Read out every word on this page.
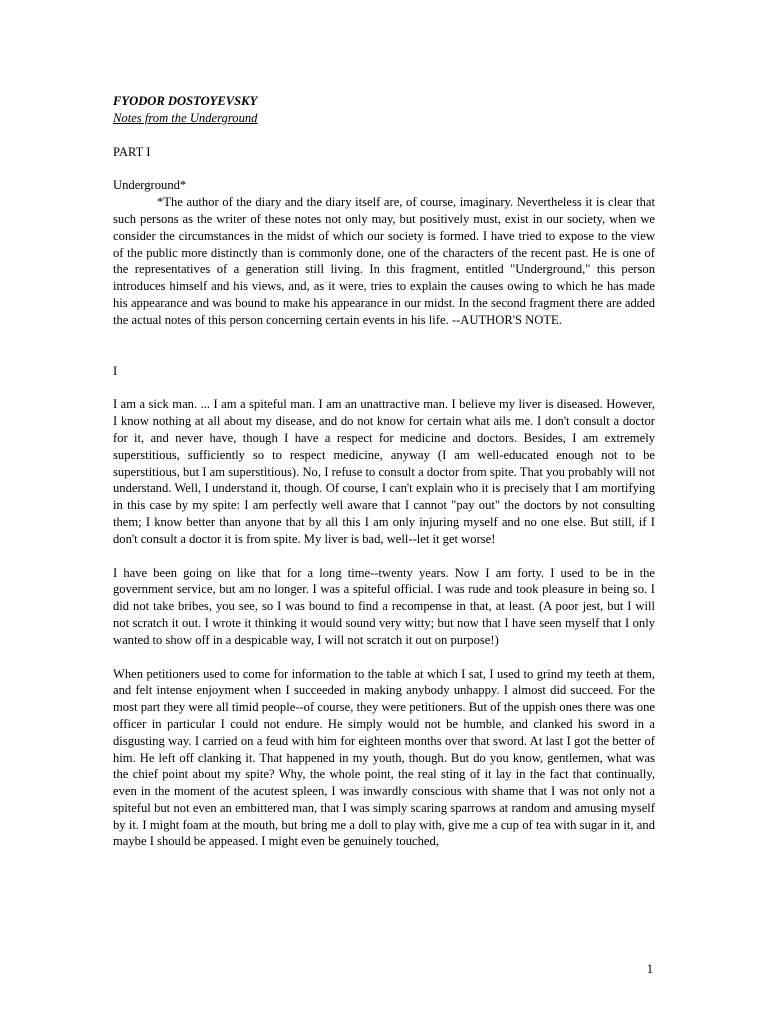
FYODOR DOSTOYEVSKY

Notes from the Underground

PART I

Underground*

*The author of the diary and the diary itself are, of course, imaginary. Nevertheless it is clear that such persons as the writer of these notes not only may, but positively must, exist in our society, when we consider the circumstances in the midst of which our society is formed. I have tried to expose to the view of the public more distinctly than is commonly done, one of the characters of the recent past. He is one of the representatives of a generation still living. In this fragment, entitled "Underground," this person introduces himself and his views, and, as it were, tries to explain the causes owing to which he has made his appearance and was bound to make his appearance in our midst. In the second fragment there are added the actual notes of this person concerning certain events in his life. --AUTHOR'S NOTE.

I

I am a sick man. ... I am a spiteful man. I am an unattractive man. I believe my liver is diseased. However, I know nothing at all about my disease, and do not know for certain what ails me. I don't consult a doctor for it, and never have, though I have a respect for medicine and doctors. Besides, I am extremely superstitious, sufficiently so to respect medicine, anyway (I am well-educated enough not to be superstitious, but I am superstitious). No, I refuse to consult a doctor from spite. That you probably will not understand. Well, I understand it, though. Of course, I can't explain who it is precisely that I am mortifying in this case by my spite: I am perfectly well aware that I cannot "pay out" the doctors by not consulting them; I know better than anyone that by all this I am only injuring myself and no one else. But still, if I don't consult a doctor it is from spite. My liver is bad, well--let it get worse!

I have been going on like that for a long time--twenty years. Now I am forty. I used to be in the government service, but am no longer. I was a spiteful official. I was rude and took pleasure in being so. I did not take bribes, you see, so I was bound to find a recompense in that, at least. (A poor jest, but I will not scratch it out. I wrote it thinking it would sound very witty; but now that I have seen myself that I only wanted to show off in a despicable way, I will not scratch it out on purpose!)

When petitioners used to come for information to the table at which I sat, I used to grind my teeth at them, and felt intense enjoyment when I succeeded in making anybody unhappy. I almost did succeed. For the most part they were all timid people--of course, they were petitioners. But of the uppish ones there was one officer in particular I could not endure. He simply would not be humble, and clanked his sword in a disgusting way. I carried on a feud with him for eighteen months over that sword. At last I got the better of him. He left off clanking it. That happened in my youth, though. But do you know, gentlemen, what was the chief point about my spite? Why, the whole point, the real sting of it lay in the fact that continually, even in the moment of the acutest spleen, I was inwardly conscious with shame that I was not only not a spiteful but not even an embittered man, that I was simply scaring sparrows at random and amusing myself by it. I might foam at the mouth, but bring me a doll to play with, give me a cup of tea with sugar in it, and maybe I should be appeased. I might even be genuinely touched,

1
